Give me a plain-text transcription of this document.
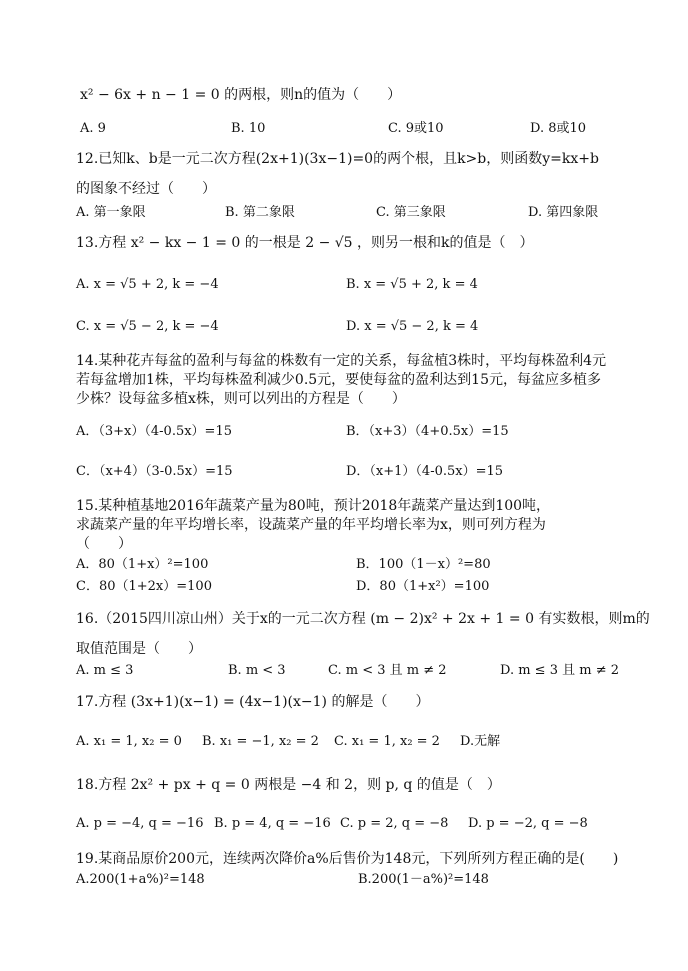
x² − 6x + n − 1 = 0 的两根，则n的值为（　　）
A. 9	B. 10	C. 9或10	D. 8或10
12.已知k、b是一元二次方程(2x+1)(3x−1)=0的两个根，且k>b，则函数y=kx+b
的图象不经过（　　）
A. 第一象限	B. 第二象限	C. 第三象限	D. 第四象限
13.方程 x² − kx − 1 = 0 的一根是 2 − √5 ，则另一根和k的值是（　）
A. x = √5 + 2, k = −4	B. x = √5 + 2, k = 4
C. x = √5 − 2, k = −4	D. x = √5 − 2, k = 4
14.某种花卉每盆的盈利与每盆的株数有一定的关系，每盆植3株时，平均每株盈利4元
若每盆增加1株，平均每株盈利减少0.5元，要使每盆的盈利达到15元，每盆应多植多
少株？设每盆多植x株，则可以列出的方程是（　　）
A．（3+x）（4-0.5x）=15	B．（x+3）（4+0.5x）=15
C．（x+4）（3-0.5x）=15	D．（x+1）（4-0.5x）=15
15.某种植基地2016年蔬菜产量为80吨，预计2018年蔬菜产量达到100吨，
求蔬菜产量的年平均增长率，设蔬菜产量的年平均增长率为x，则可列方程为
（　　）
A．80（1+x）²=100	B．100（1－x）²=80
C．80（1+2x）=100	D．80（1+x²）=100
16.（2015四川凉山州）关于x的一元二次方程 (m − 2)x² + 2x + 1 = 0 有实数根，则m的
取值范围是（　　）
A. m ≤ 3	B. m < 3	C. m < 3 且 m ≠ 2	D. m ≤ 3 且 m ≠ 2
17.方程 (3x+1)(x−1) = (4x−1)(x−1) 的解是（　　）
A. x₁ = 1, x₂ = 0 B. x₁ = −1, x₂ = 2 C. x₁ = 1, x₂ = 2 D.无解
18.方程 2x² + px + q = 0 两根是 −4 和 2，则 p, q 的值是（　）
A. p = −4, q = −16 B. p = 4, q = −16 C. p = 2, q = −8 D. p = −2, q = −8
19.某商品原价200元，连续两次降价a%后售价为148元，下列所列方程正确的是(　　)
A.200(1+a%)²=148	B.200(1－a%)²=148
